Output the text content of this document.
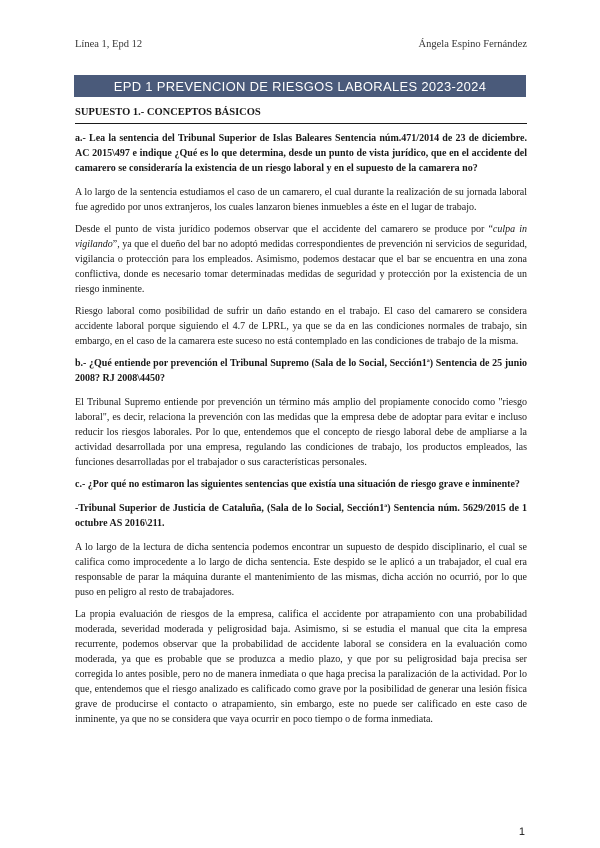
Línea 1, Epd 12	Ángela Espino Fernández
EPD 1 PREVENCION DE RIESGOS LABORALES 2023-2024
SUPUESTO 1.- CONCEPTOS BÁSICOS
a.- Lea la sentencia del Tribunal Superior de Islas Baleares Sentencia núm.471/2014 de 23 de diciembre. AC 2015\497 e indique ¿Qué es lo que determina, desde un punto de vista jurídico, que en el accidente del camarero se consideraría la existencia de un riesgo laboral y en el supuesto de la camarera no?

A lo largo de la sentencia estudiamos el caso de un camarero, el cual durante la realización de su jornada laboral fue agredido por unos extranjeros, los cuales lanzaron bienes inmuebles a éste en el lugar de trabajo.

Desde el punto de vista jurídico podemos observar que el accidente del camarero se produce por “culpa in vigilando”, ya que el dueño del bar no adoptó medidas correspondientes de prevención ni servicios de seguridad, vigilancia o protección para los empleados. Asimismo, podemos destacar que el bar se encuentra en una zona conflictiva, donde es necesario tomar determinadas medidas de seguridad y protección por la existencia de un riesgo inminente.

Riesgo laboral como posibilidad de sufrir un daño estando en el trabajo. El caso del camarero se considera accidente laboral porque siguiendo el 4.7 de LPRL, ya que se da en las condiciones normales de trabajo, sin embargo, en el caso de la camarera este suceso no está contemplado en las condiciones de trabajo de la misma.

b.- ¿Qué entiende por prevención el Tribunal Supremo (Sala de lo Social, Sección1ª) Sentencia de 25 junio 2008? RJ 2008\4450?

El Tribunal Supremo entiende por prevención un término más amplio del propiamente conocido como "riesgo laboral", es decir, relaciona la prevención con las medidas que la empresa debe de adoptar para evitar e incluso reducir los riesgos laborales. Por lo que, entendemos que el concepto de riesgo laboral debe de ampliarse a la actividad desarrollada por una empresa, regulando las condiciones de trabajo, los productos empleados, las funciones desarrolladas por el trabajador o sus características personales.

c.- ¿Por qué no estimaron las siguientes sentencias que existía una situación de riesgo grave e inminente?
-Tribunal Superior de Justicia de Cataluña, (Sala de lo Social, Sección1ª) Sentencia núm. 5629/2015 de 1 octubre AS 2016\211.

A lo largo de la lectura de dicha sentencia podemos encontrar un supuesto de despido disciplinario, el cual se califica como improcedente a lo largo de dicha sentencia. Este despido se le aplicó a un trabajador, el cual era responsable de parar la máquina durante el mantenimiento de las mismas, dicha acción no ocurrió, por lo que puso en peligro al resto de trabajadores.

La propia evaluación de riesgos de la empresa, califica el accidente por atrapamiento con una probabilidad moderada, severidad moderada y peligrosidad baja. Asimismo, si se estudia el manual que cita la empresa recurrente, podemos observar que la probabilidad de accidente laboral se considera en la evaluación como moderada, ya que es probable que se produzca a medio plazo, y que por su peligrosidad baja precisa ser corregida lo antes posible, pero no de manera inmediata o que haga precisa la paralización de la actividad. Por lo que, entendemos que el riesgo analizado es calificado como grave por la posibilidad de generar una lesión física grave de producirse el contacto o atrapamiento, sin embargo, este no puede ser calificado en este caso de inminente, ya que no se considera que vaya ocurrir en poco tiempo o de forma inmediata.

1
